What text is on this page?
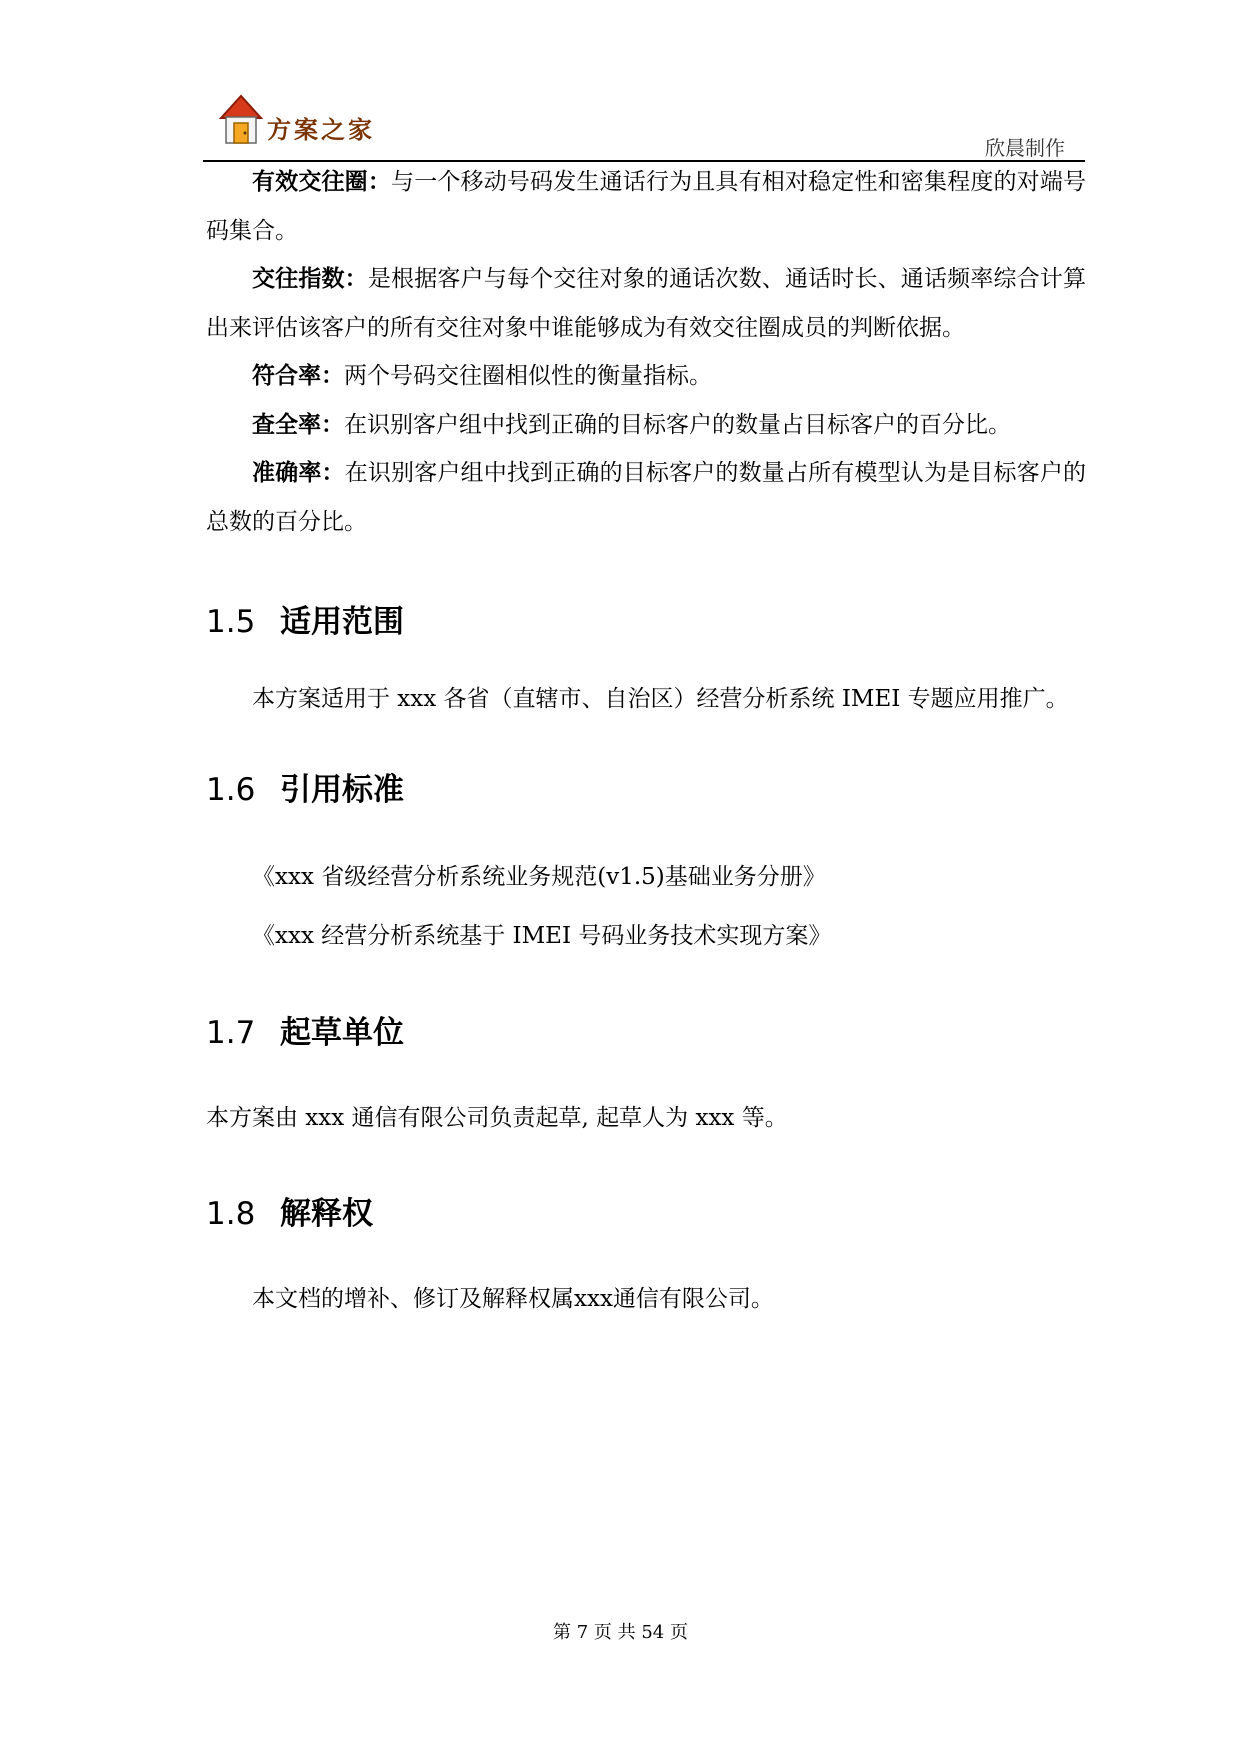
方案之家
欣晨制作

有效交往圈：与一个移动号码发生通话行为且具有相对稳定性和密集程度的对端号码集合。

交往指数：是根据客户与每个交往对象的通话次数、通话时长、通话频率综合计算出来评估该客户的所有交往对象中谁能够成为有效交往圈成员的判断依据。

符合率：两个号码交往圈相似性的衡量指标。

查全率：在识别客户组中找到正确的目标客户的数量占目标客户的百分比。

准确率：在识别客户组中找到正确的目标客户的数量占所有模型认为是目标客户的总数的百分比。

1.5 适用范围

本方案适用于 xxx 各省（直辖市、自治区）经营分析系统 IMEI 专题应用推广。

1.6 引用标准

《xxx 省级经营分析系统业务规范(v1.5)基础业务分册》

《xxx 经营分析系统基于 IMEI 号码业务技术实现方案》

1.7 起草单位

本方案由 xxx 通信有限公司负责起草, 起草人为 xxx 等。

1.8 解释权

本文档的增补、修订及解释权属xxx通信有限公司。

第 7 页 共 54 页
